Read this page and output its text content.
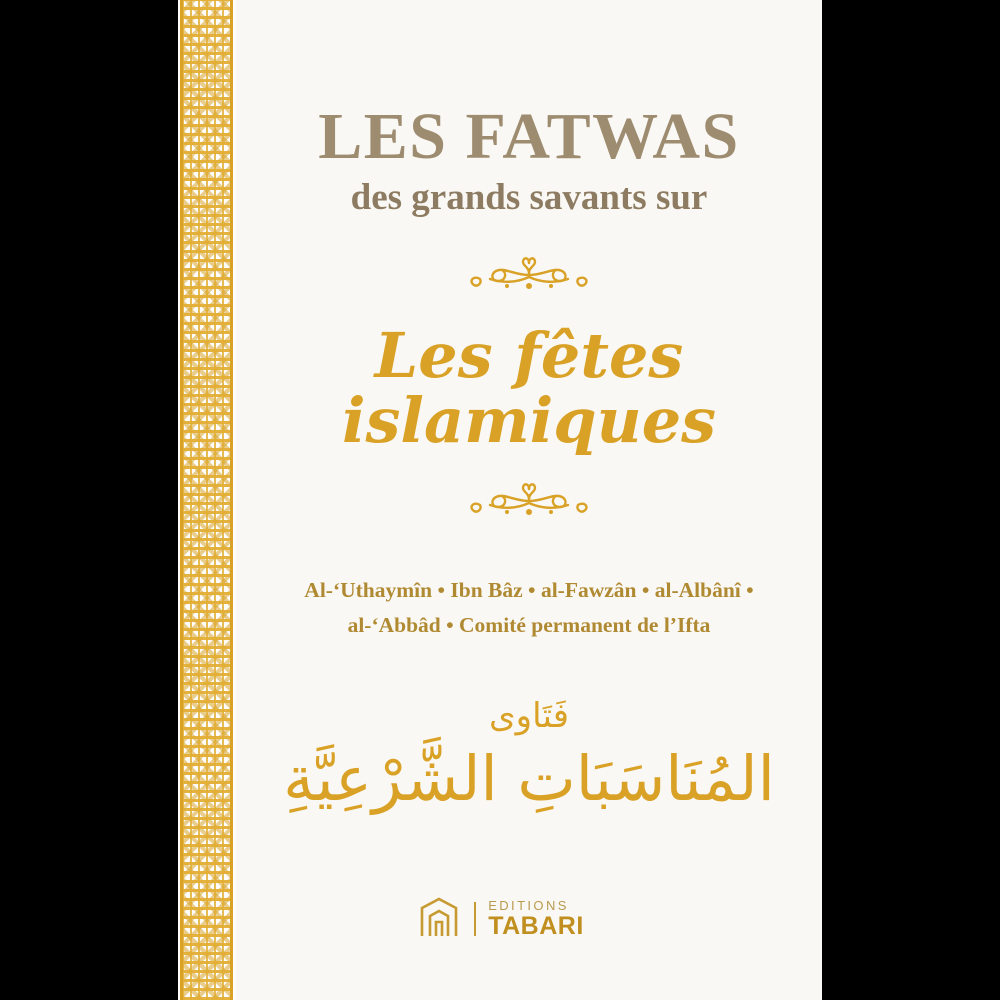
LES FATWAS
des grands savants sur
Les fêtes
islamiques
Al-‘Uthaymîn • Ibn Bâz • al-Fawzân • al-Albânî •
al-‘Abbâd • Comité permanent de l’Ifta
فَتَاوى
المُنَاسَبَاتِ الشَّرْعِيَّةِ
EDITIONS
TABARI
